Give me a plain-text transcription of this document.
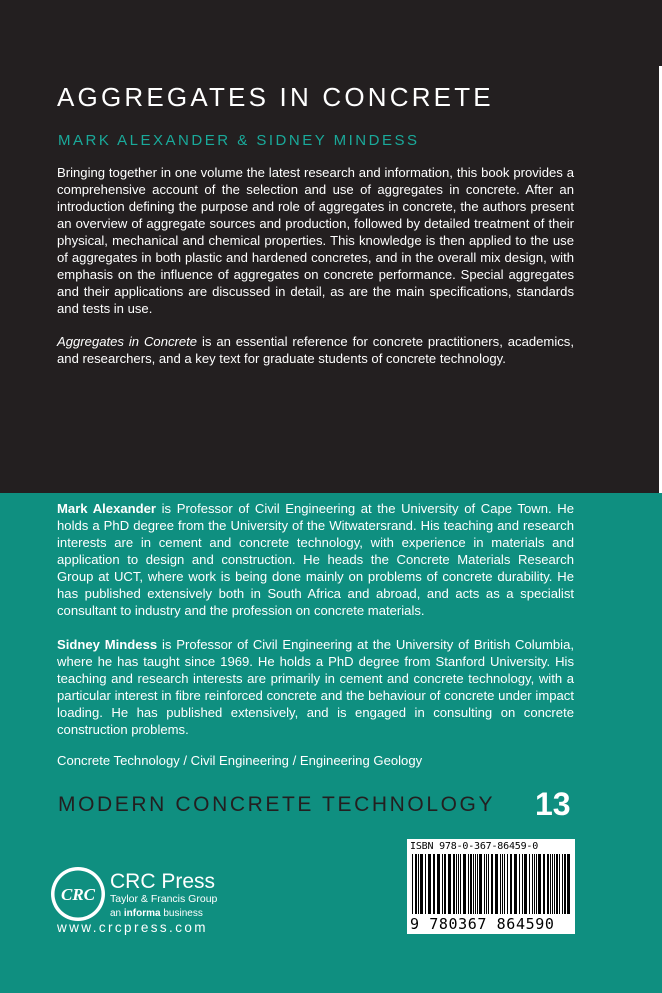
AGGREGATES IN CONCRETE

MARK ALEXANDER & SIDNEY MINDESS

Bringing together in one volume the latest research and information, this book provides a comprehensive account of the selection and use of aggregates in concrete. After an introduction defining the purpose and role of aggregates in concrete, the authors present an overview of aggregate sources and production, followed by detailed treatment of their physical, mechanical and chemical properties. This knowledge is then applied to the use of aggregates in both plastic and hardened concretes, and in the overall mix design, with emphasis on the influence of aggregates on concrete performance. Special aggregates and their applications are discussed in detail, as are the main specifications, standards and tests in use.

Aggregates in Concrete is an essential reference for concrete practitioners, academics, and researchers, and a key text for graduate students of concrete technology.

Mark Alexander is Professor of Civil Engineering at the University of Cape Town. He holds a PhD degree from the University of the Witwatersrand. His teaching and research interests are in cement and concrete technology, with experience in materials and application to design and construction. He heads the Concrete Materials Research Group at UCT, where work is being done mainly on problems of concrete durability. He has published extensively both in South Africa and abroad, and acts as a specialist consultant to industry and the profession on concrete materials.

Sidney Mindess is Professor of Civil Engineering at the University of British Columbia, where he has taught since 1969. He holds a PhD degree from Stanford University. His teaching and research interests are primarily in cement and concrete technology, with a particular interest in fibre reinforced concrete and the behaviour of concrete under impact loading. He has published extensively, and is engaged in consulting on concrete construction problems.

Concrete Technology / Civil Engineering / Engineering Geology

MODERN CONCRETE TECHNOLOGY 13
CRC
CRC Press
Taylor & Francis Group
an informa business
www.crcpress.com
ISBN 978-0-367-86459-0
9 780367 864590
